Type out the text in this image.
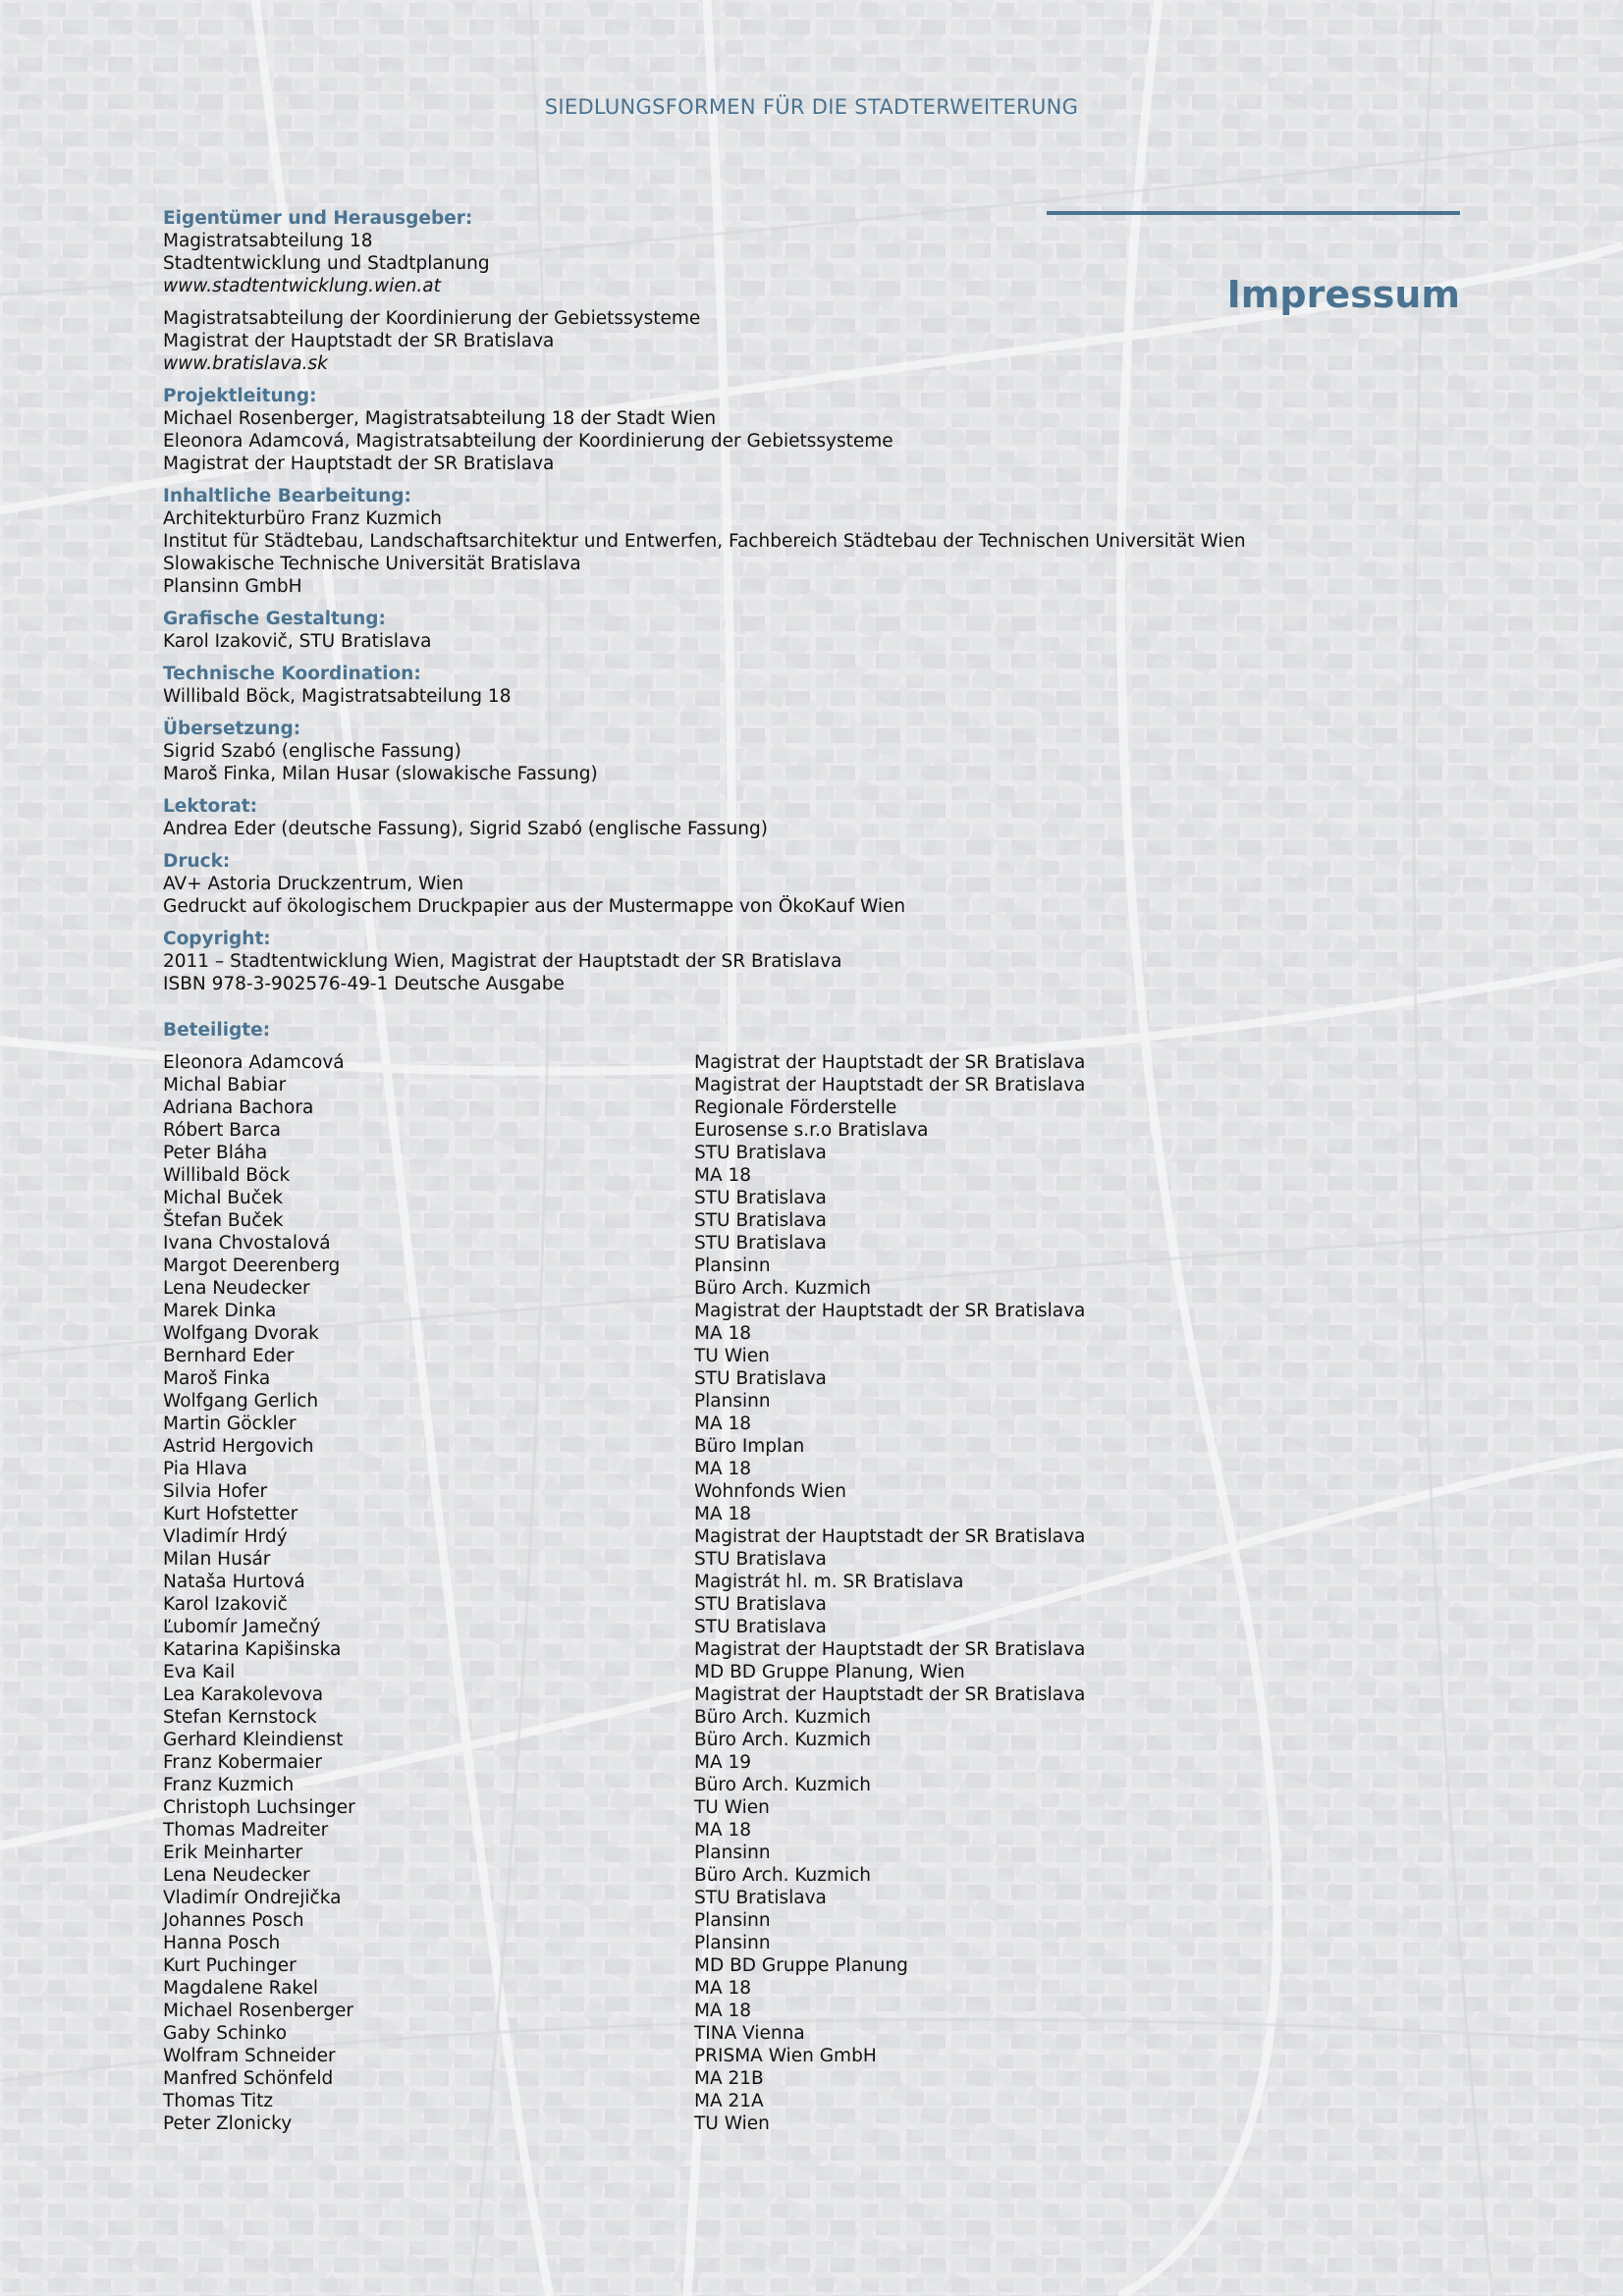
SIEDLUNGSFORMEN FÜR DIE STADTERWEITERUNG
Impressum
Eigentümer und Herausgeber:
Magistratsabteilung 18
Stadtentwicklung und Stadtplanung
www.stadtentwicklung.wien.at
Magistratsabteilung der Koordinierung der Gebietssysteme
Magistrat der Hauptstadt der SR Bratislava
www.bratislava.sk
Projektleitung:
Michael Rosenberger, Magistratsabteilung 18 der Stadt Wien
Eleonora Adamcová, Magistratsabteilung der Koordinierung der Gebietssysteme
Magistrat der Hauptstadt der SR Bratislava
Inhaltliche Bearbeitung:
Architekturbüro Franz Kuzmich
Institut für Städtebau, Landschaftsarchitektur und Entwerfen, Fachbereich Städtebau der Technischen Universität Wien
Slowakische Technische Universität Bratislava
Plansinn GmbH
Grafische Gestaltung:
Karol Izakovič, STU Bratislava
Technische Koordination:
Willibald Böck, Magistratsabteilung 18
Übersetzung:
Sigrid Szabó (englische Fassung)
Maroš Finka, Milan Husar (slowakische Fassung)
Lektorat:
Andrea Eder (deutsche Fassung), Sigrid Szabó (englische Fassung)
Druck:
AV+ Astoria Druckzentrum, Wien
Gedruckt auf ökologischem Druckpapier aus der Mustermappe von ÖkoKauf Wien
Copyright:
2011 – Stadtentwicklung Wien, Magistrat der Hauptstadt der SR Bratislava
ISBN 978-3-902576-49-1 Deutsche Ausgabe
Beteiligte:
Eleonora Adamcová	Magistrat der Hauptstadt der SR Bratislava
Michal Babiar	Magistrat der Hauptstadt der SR Bratislava
Adriana Bachora	Regionale Förderstelle
Róbert Barca	Eurosense s.r.o Bratislava
Peter Bláha	STU Bratislava
Willibald Böck	MA 18
Michal Buček	STU Bratislava
Štefan Buček	STU Bratislava
Ivana Chvostalová	STU Bratislava
Margot Deerenberg	Plansinn
Lena Neudecker	Büro Arch. Kuzmich
Marek Dinka	Magistrat der Hauptstadt der SR Bratislava
Wolfgang Dvorak	MA 18
Bernhard Eder	TU Wien
Maroš Finka	STU Bratislava
Wolfgang Gerlich	Plansinn
Martin Göckler	MA 18
Astrid Hergovich	Büro Implan
Pia Hlava	MA 18
Silvia Hofer	Wohnfonds Wien
Kurt Hofstetter	MA 18
Vladimír Hrdý	Magistrat der Hauptstadt der SR Bratislava
Milan Husár	STU Bratislava
Nataša Hurtová	Magistrát hl. m. SR Bratislava
Karol Izakovič	STU Bratislava
Ľubomír Jamečný	STU Bratislava
Katarina Kapišinska	Magistrat der Hauptstadt der SR Bratislava
Eva Kail	MD BD Gruppe Planung, Wien
Lea Karakolevova	Magistrat der Hauptstadt der SR Bratislava
Stefan Kernstock	Büro Arch. Kuzmich
Gerhard Kleindienst	Büro Arch. Kuzmich
Franz Kobermaier	MA 19
Franz Kuzmich	Büro Arch. Kuzmich
Christoph Luchsinger	TU Wien
Thomas Madreiter	MA 18
Erik Meinharter	Plansinn
Lena Neudecker	Büro Arch. Kuzmich
Vladimír Ondrejička	STU Bratislava
Johannes Posch	Plansinn
Hanna Posch	Plansinn
Kurt Puchinger	MD BD Gruppe Planung
Magdalene Rakel	MA 18
Michael Rosenberger	MA 18
Gaby Schinko	TINA Vienna
Wolfram Schneider	PRISMA Wien GmbH
Manfred Schönfeld	MA 21B
Thomas Titz	MA 21A
Peter Zlonicky	TU Wien
